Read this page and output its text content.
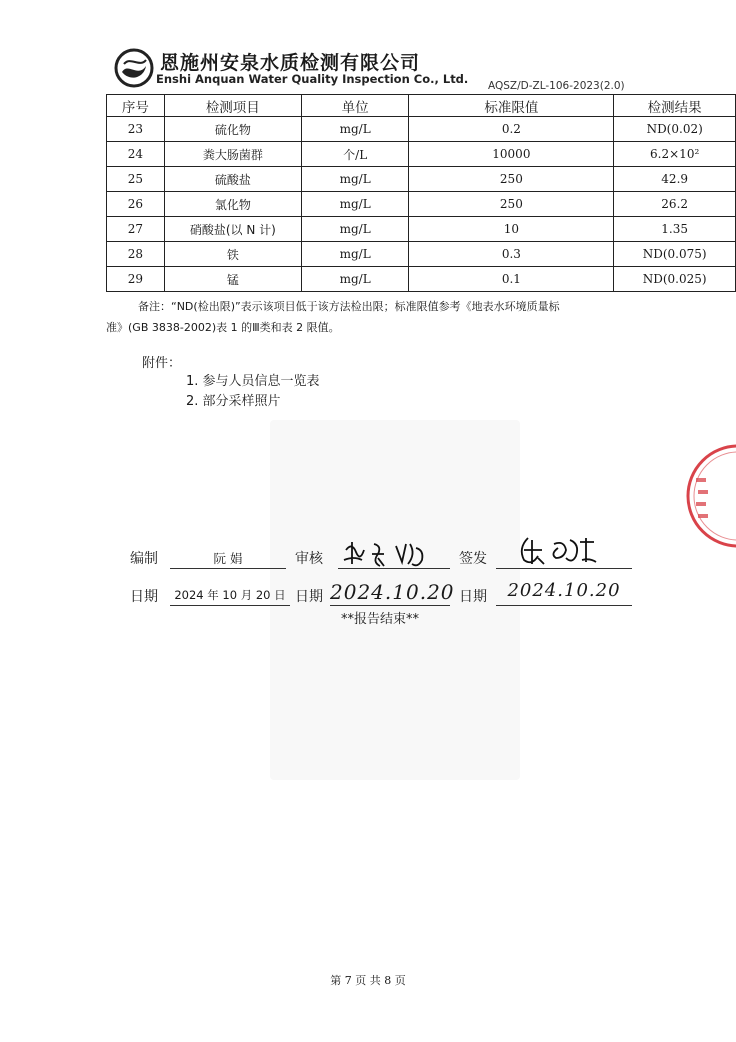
恩施州安泉水质检测有限公司
Enshi Anquan Water Quality Inspection Co., Ltd. AQSZ/D-ZL-106-2023(2.0)
序号	检测项目	单位	标准限值	检测结果
23	硫化物	mg/L	0.2	ND(0.02)
24	粪大肠菌群	个/L	10000	6.2×10²
25	硫酸盐	mg/L	250	42.9
26	氯化物	mg/L	250	26.2
27	硝酸盐(以 N 计)	mg/L	10	1.35
28	铁	mg/L	0.3	ND(0.075)
29	锰	mg/L	0.1	ND(0.025)

备注：“ND(检出限)”表示该项目低于该方法检出限；标准限值参考《地表水环境质量标

准》(GB 3838-2002)表 1 的Ⅲ类和表 2 限值。

附件：
1. 参与人员信息一览表
2. 部分采样照片
编制	阮 娟	审核	签发
日期	2024 年 10 月 20 日 日期 2024.10.20 日期	2024.10.20
**报告结束**
第 7 页 共 8 页
